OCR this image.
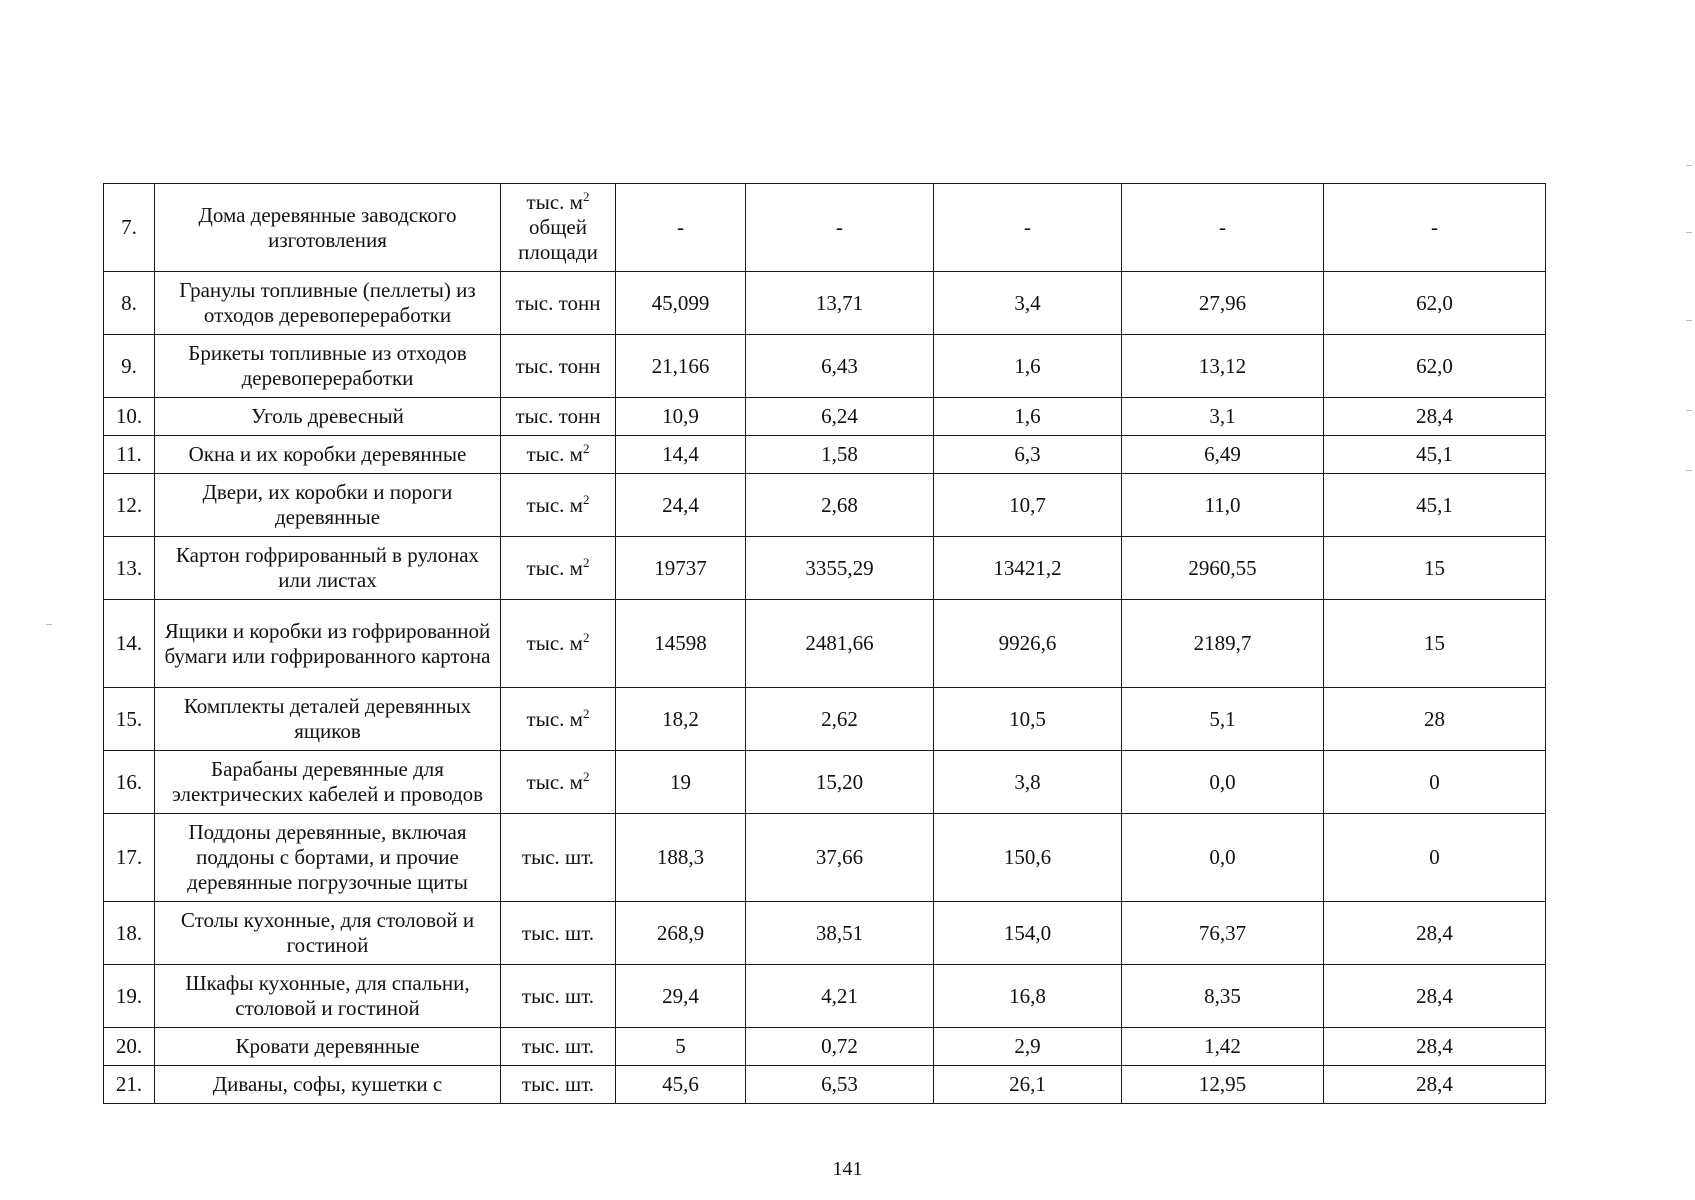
7.	Дома деревянные заводского изготовления	тыс. $м^2$ общей площади	-	-	-	-	-
8.	Гранулы топливные (пеллеты) из отходов деревопереработки	тыс. тонн	45,099	13,71	3,4	27,96	62,0
9.	Брикеты топливные из отходов деревопереработки	тыс. тонн	21,166	6,43	1,6	13,12	62,0
10.	Уголь древесный	тыс. тонн	10,9	6,24	1,6	3,1	28,4
11.	Окна и их коробки деревянные	тыс. $м^2$	14,4	1,58	6,3	6,49	45,1
12.	Двери, их коробки и пороги деревянные	тыс. $м^2$	24,4	2,68	10,7	11,0	45,1
13.	Картон гофрированный в рулонах или листах	тыс. $м^2$	19737	3355,29	13421,2	2960,55	15
14.	Ящики и коробки из гофрированной бумаги или гофрированного картона	тыс. $м^2$	14598	2481,66	9926,6	2189,7	15
15.	Комплекты деталей деревянных ящиков	тыс. $м^2$	18,2	2,62	10,5	5,1	28
16.	Барабаны деревянные для электрических кабелей и проводов	тыс. $м^2$	19	15,20	3,8	0,0	0
17.	Поддоны деревянные, включая поддоны с бортами, и прочие деревянные погрузочные щиты	тыс. шт.	188,3	37,66	150,6	0,0	0
18.	Столы кухонные, для столовой и гостиной	тыс. шт.	268,9	38,51	154,0	76,37	28,4
19.	Шкафы кухонные, для спальни, столовой и гостиной	тыс. шт.	29,4	4,21	16,8	8,35	28,4
20.	Кровати деревянные	тыс. шт.	5	0,72	2,9	1,42	28,4
21.	Диваны, софы, кушетки с	тыс. шт.	45,6	6,53	26,1	12,95	28,4
141
